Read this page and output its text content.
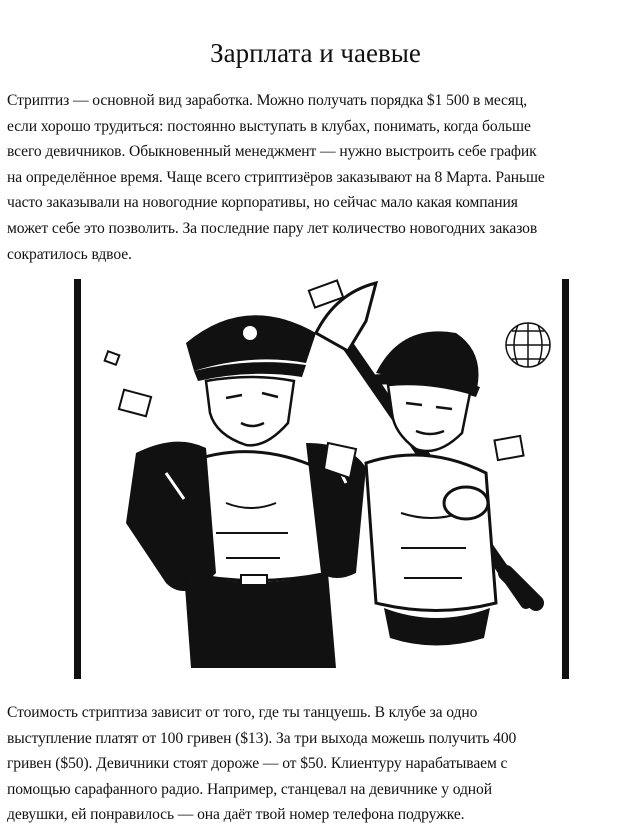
Зарплата и чаевые

Стриптиз — основной вид заработка. Можно получать порядка $1 500 в месяц,
если хорошо трудиться: постоянно выступать в клубах, понимать, когда больше
всего девичников. Обыкновенный менеджмент — нужно выстроить себе график
на определённое время. Чаще всего стриптизёров заказывают на 8 Марта. Раньше
часто заказывали на новогодние корпоративы, но сейчас мало какая компания
может себе это позволить. За последние пару лет количество новогодних заказов
сократилось вдвое.

Стоимость стриптиза зависит от того, где ты танцуешь. В клубе за одно
выступление платят от 100 гривен ($13). За три выхода можешь получить 400
гривен ($50). Девичники стоят дороже — от $50. Клиентуру нарабатываем с
помощью сарафанного радио. Например, станцевал на девичнике у одной
девушки, ей понравилось — она даёт твой номер телефона подружке.
